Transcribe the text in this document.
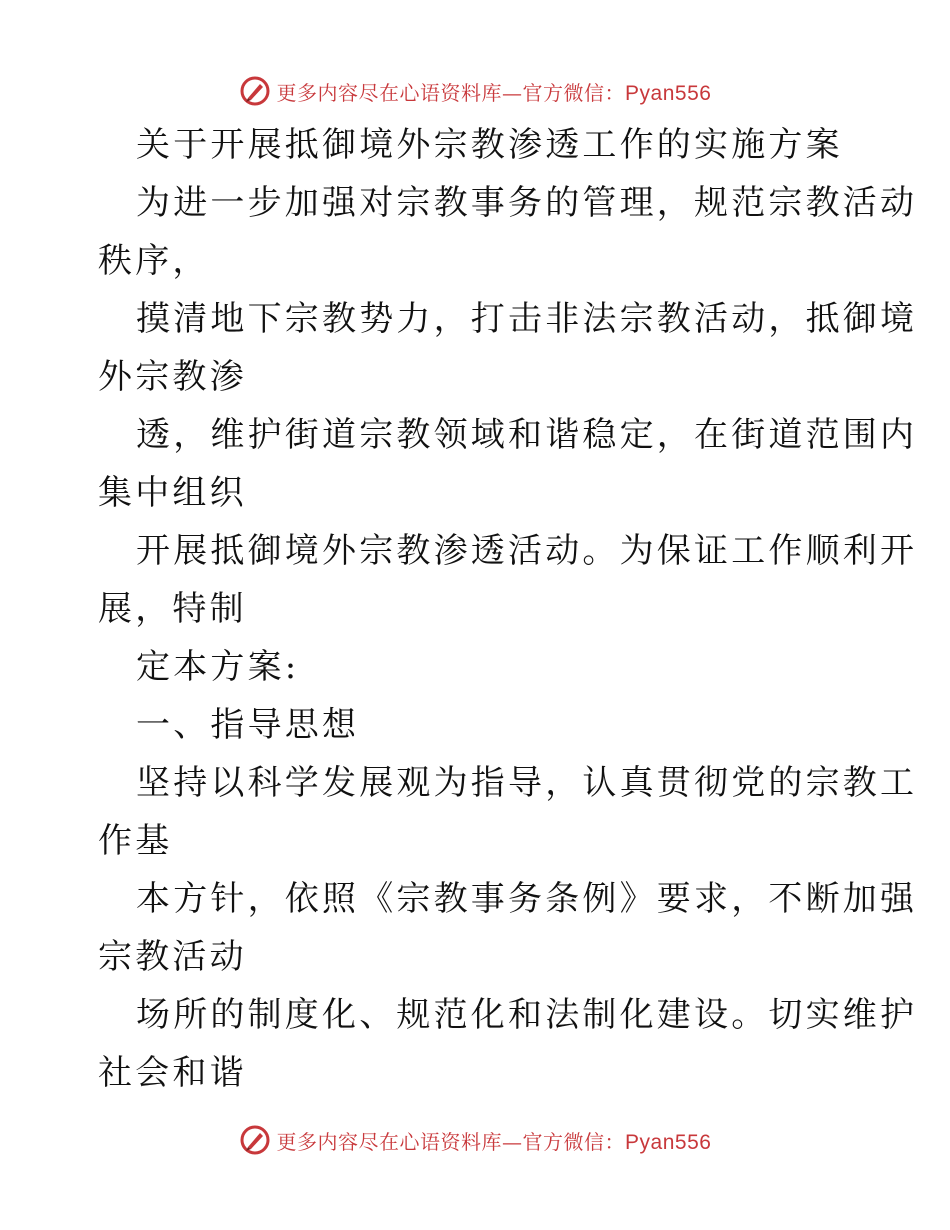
更多内容尽在心语资料库—官方微信：Pyan556
关于开展抵御境外宗教渗透工作的实施方案
为进一步加强对宗教事务的管理，规范宗教活动
秩序，
摸清地下宗教势力，打击非法宗教活动，抵御境
外宗教渗
透，维护街道宗教领域和谐稳定，在街道范围内
集中组织
开展抵御境外宗教渗透活动。为保证工作顺利开
展，特制
定本方案:
一、指导思想
坚持以科学发展观为指导，认真贯彻党的宗教工
作基
本方针，依照《宗教事务条例》要求，不断加强
宗教活动
场所的制度化、规范化和法制化建设。切实维护
社会和谐
更多内容尽在心语资料库—官方微信：Pyan556
